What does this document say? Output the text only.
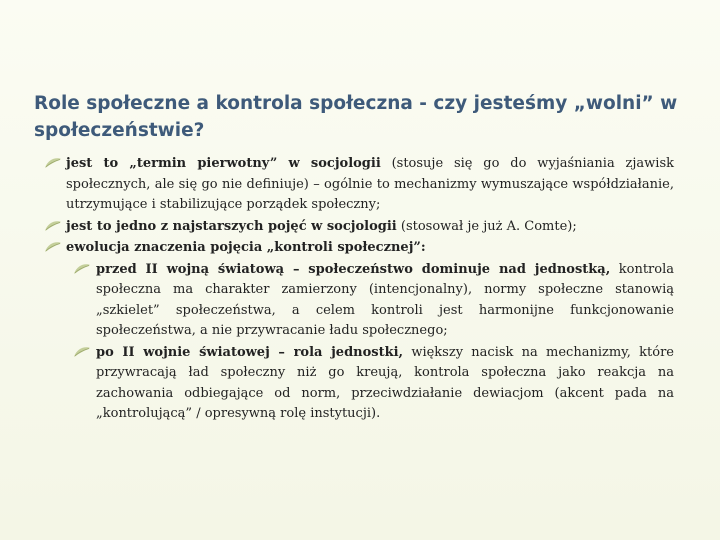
Role społeczne a kontrola społeczna - czy jesteśmy „wolni” w społeczeństwie?

jest to „termin pierwotny” w socjologii (stosuje się go do wyjaśniania zjawisk społecznych, ale się go nie definiuje) – ogólnie to mechanizmy wymuszające współdziałanie, utrzymujące i stabilizujące porządek społeczny;

jest to jedno z najstarszych pojęć w socjologii (stosował je już A. Comte);

ewolucja znaczenia pojęcia „kontroli społecznej”:

przed II wojną światową – społeczeństwo dominuje nad jednostką, kontrola społeczna ma charakter zamierzony (intencjonalny), normy społeczne stanowią „szkielet” społeczeństwa, a celem kontroli jest harmonijne funkcjonowanie społeczeństwa, a nie przywracanie ładu społecznego;

po II wojnie światowej – rola jednostki, większy nacisk na mechanizmy, które przywracają ład społeczny niż go kreują, kontrola społeczna jako reakcja na zachowania odbiegające od norm, przeciwdziałanie dewiacjom (akcent pada na „kontrolującą” / opresywną rolę instytucji).
